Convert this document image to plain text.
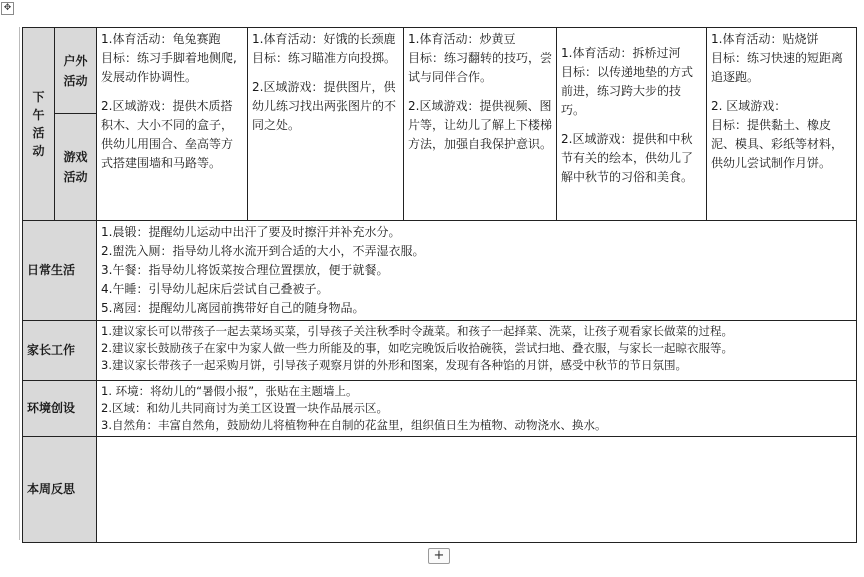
✥
下午活动	户外活动	1.体育活动：龟兔赛跑
目标：练习手脚着地侧爬,发展动作协调性。
2.区域游戏：提供木质搭积木、大小不同的盒子，供幼儿用围合、垒高等方式搭建围墙和马路等。	1.体育活动：好饿的长颈鹿
目标：练习瞄准方向投掷。
2.区域游戏：提供图片，供幼儿练习找出两张图片的不同之处。	1.体育活动：炒黄豆
目标：练习翻转的技巧，尝试与同伴合作。
2.区域游戏：提供视频、图片等，让幼儿了解上下楼梯方法，加强自我保护意识。	1.体育活动：拆桥过河
目标：以传递地垫的方式前进，练习跨大步的技巧。
2.区域游戏：提供和中秋节有关的绘本，供幼儿了解中秋节的习俗和美食。	1.体育活动：贴烧饼
目标：练习快速的短距离追逐跑。
2. 区域游戏：
目标：提供黏土、橡皮泥、模具、彩纸等材料，供幼儿尝试制作月饼。

	游戏活动					
日常生活		1.晨锻：提醒幼儿运动中出汗了要及时擦汗并补充水分。
2.盥洗入厕：指导幼儿将水流开到合适的大小，不弄湿衣服。
3.午餐：指导幼儿将饭菜按合理位置摆放，便于就餐。
4.午睡：引导幼儿起床后尝试自己叠被子。
5.离园：提醒幼儿离园前携带好自己的随身物品。				

家长工作		1.建议家长可以带孩子一起去菜场买菜，引导孩子关注秋季时令蔬菜。和孩子一起择菜、洗菜，让孩子观看家长做菜的过程。
2.建议家长鼓励孩子在家中为家人做一些力所能及的事，如吃完晚饭后收拾碗筷，尝试扫地、叠衣服，与家长一起晾衣服等。
3.建议家长带孩子一起采购月饼，引导孩子观察月饼的外形和图案，发现有各种馅的月饼，感受中秋节的节日氛围。				

环境创设		1. 环境：将幼儿的“暑假小报”，张贴在主题墙上。
2.区域：和幼儿共同商讨为美工区设置一块作品展示区。
3.自然角：丰富自然角，鼓励幼儿将植物种在自制的花盆里，组织值日生为植物、动物浇水、换水。				

本周反思						
+
